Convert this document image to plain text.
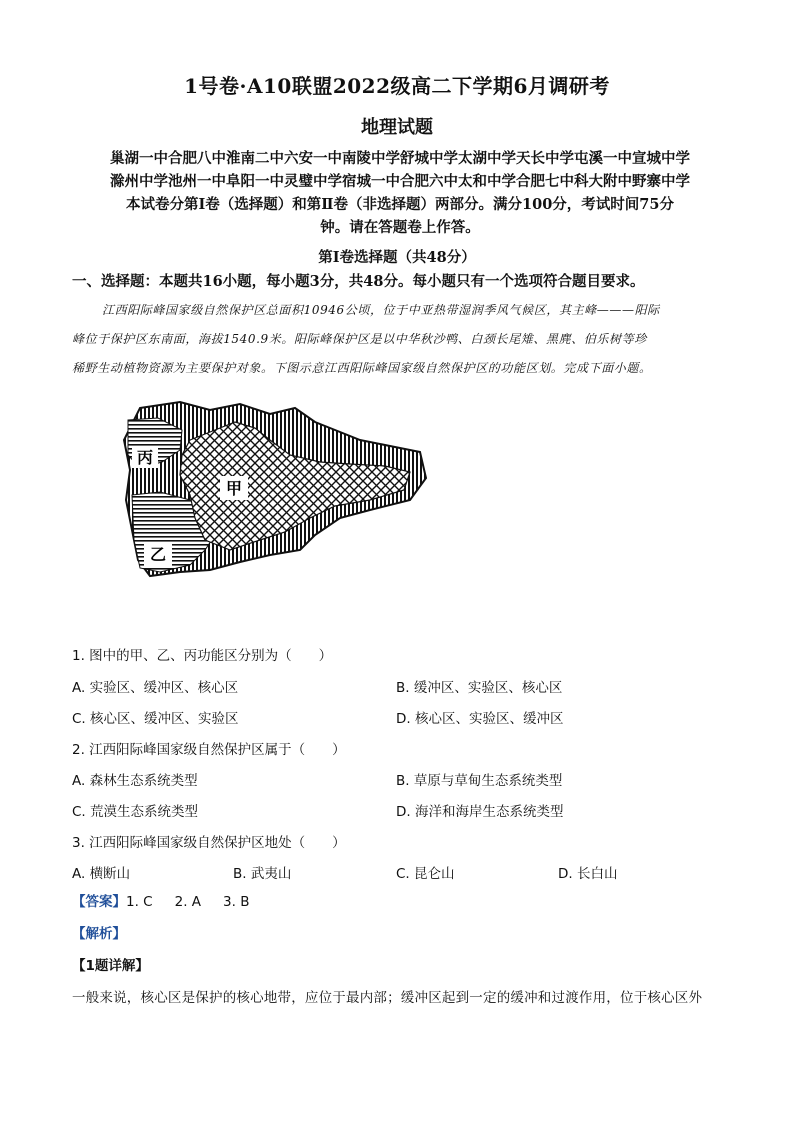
1号卷·A10联盟2022级高二下学期6月调研考
地理试题
巢湖一中合肥八中淮南二中六安一中南陵中学舒城中学太湖中学天长中学屯溪一中宣城中学
滁州中学池州一中阜阳一中灵璧中学宿城一中合肥六中太和中学合肥七中科大附中野寨中学
本试卷分第Ⅰ卷（选择题）和第Ⅱ卷（非选择题）两部分。满分100分，考试时间75分
钟。请在答题卷上作答。
第Ⅰ卷选择题（共48分）
一、选择题：本题共16小题，每小题3分，共48分。每小题只有一个选项符合题目要求。

江西阳际峰国家级自然保护区总面积10946公顷，位于中亚热带湿润季风气候区，其主峰———阳际

峰位于保护区东南面，海拔1540.9米。阳际峰保护区是以中华秋沙鸭、白颈长尾雉、黑麂、伯乐树等珍
稀野生动植物资源为主要保护对象。下图示意江西阳际峰国家级自然保护区的功能区划。完成下面小题。
丙
甲
乙
1. 图中的甲、乙、丙功能区分别为（　　）
A. 实验区、缓冲区、核心区	B. 缓冲区、实验区、核心区
C. 核心区、缓冲区、实验区	D. 核心区、实验区、缓冲区
2. 江西阳际峰国家级自然保护区属于（　　）
A. 森林生态系统类型	B. 草原与草甸生态系统类型
C. 荒漠生态系统类型	D. 海洋和海岸生态系统类型
3. 江西阳际峰国家级自然保护区地处（　　）
A. 横断山	B. 武夷山	C. 昆仑山	D. 长白山
【答案】1. C 2. A 3. B
【解析】
【1题详解】
一般来说，核心区是保护的核心地带，应位于最内部；缓冲区起到一定的缓冲和过渡作用，位于核心区外
